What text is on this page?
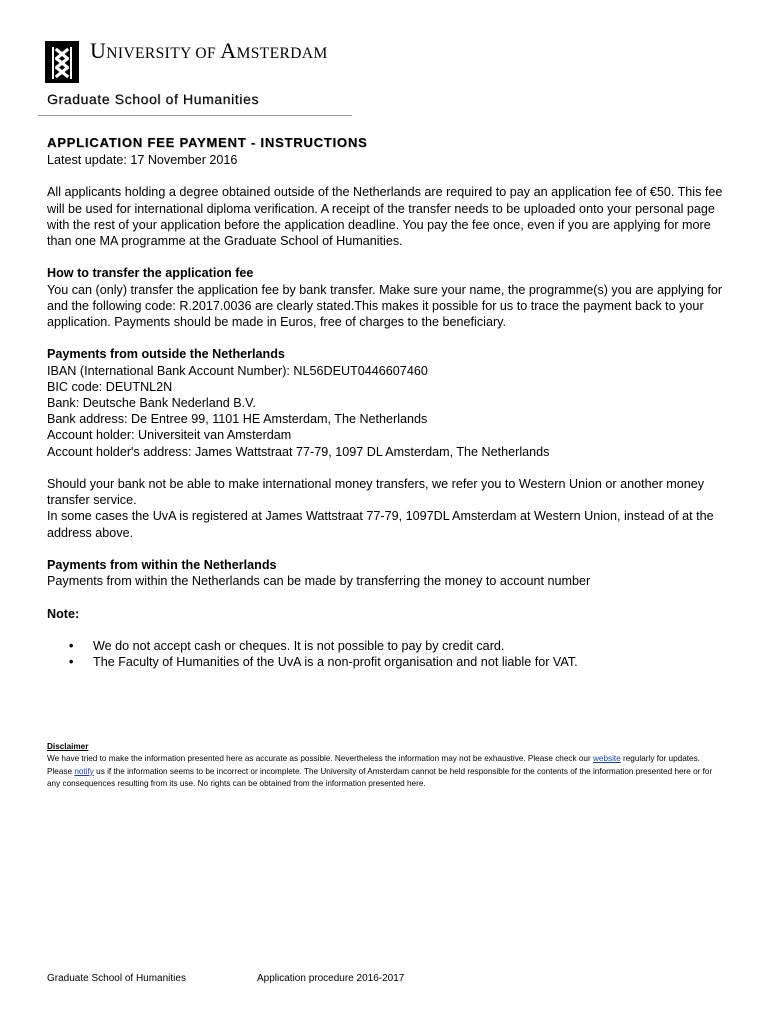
UNIVERSITY OF AMSTERDAM
Graduate School of Humanities
APPLICATION FEE PAYMENT - INSTRUCTIONS

Latest update: 17 November 2016

All applicants holding a degree obtained outside of the Netherlands are required to pay an application fee of €50. This fee will be used for international diploma verification. A receipt of the transfer needs to be uploaded onto your personal page with the rest of your application before the application deadline. You pay the fee once, even if you are applying for more than one MA programme at the Graduate School of Humanities.

How to transfer the application fee

You can (only) transfer the application fee by bank transfer. Make sure your name, the programme(s) you are applying for and the following code: R.2017.0036 are clearly stated.This makes it possible for us to trace the payment back to your application. Payments should be made in Euros, free of charges to the beneficiary.

Payments from outside the Netherlands

IBAN (International Bank Account Number): NL56DEUT0446607460

BIC code: DEUTNL2N

Bank: Deutsche Bank Nederland B.V.

Bank address: De Entree 99, 1101 HE Amsterdam, The Netherlands

Account holder: Universiteit van Amsterdam

Account holder's address: James Wattstraat 77-79, 1097 DL Amsterdam, The Netherlands

Should your bank not be able to make international money transfers, we refer you to Western Union or another money transfer service.

In some cases the UvA is registered at James Wattstraat 77-79, 1097DL Amsterdam at Western Union, instead of at the address above.

Payments from within the Netherlands

Payments from within the Netherlands can be made by transferring the money to account number

Note:

• We do not accept cash or cheques. It is not possible to pay by credit card.
• The Faculty of Humanities of the UvA is a non-profit organisation and not liable for VAT.
Disclaimer
We have tried to make the information presented here as accurate as possible. Nevertheless the information may not be exhaustive. Please check our website regularly for updates. Please notify us if the information seems to be incorrect or incomplete. The University of Amsterdam cannot be held responsible for the contents of the information presented here or for any consequences resulting from its use. No rights can be obtained from the information presented here.
Graduate School of Humanities	Application procedure 2016-2017
